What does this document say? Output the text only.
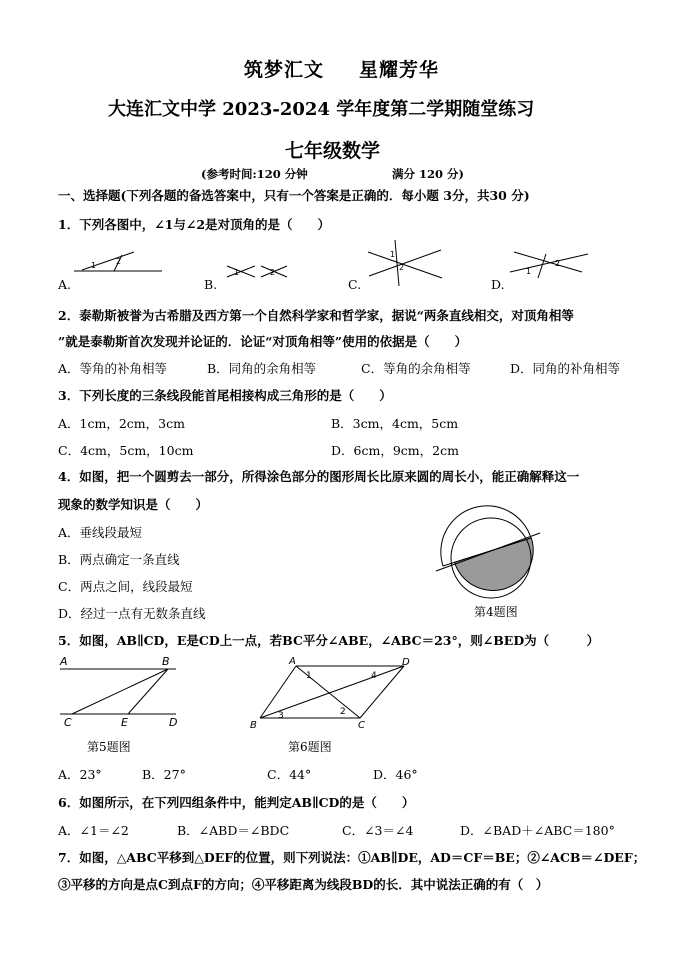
筑梦汇文 星耀芳华
大连汇文中学 2023-2024 学年度第二学期随堂练习
七年级数学
(参考时间:120 分钟	满分 120 分)
一、选择题(下列各题的备选答案中，只有一个答案是正确的．每小题 3分，共30 分)
1．下列各图中，∠1与∠2是对顶角的是（　　）
A.
1 2
B.
1	2
C.
1
2
D.
1
2
2．泰勒斯被誉为古希腊及西方第一个自然科学家和哲学家，据说“两条直线相交，对顶角相等
”就是泰勒斯首次发现并论证的．论证“对顶角相等”使用的依据是（　　）
A．等角的补角相等	B．同角的余角相等	C．等角的余角相等	D．同角的补角相等
3．下列长度的三条线段能首尾相接构成三角形的是（　　）
A．1cm，2cm，3cm	B．3cm，4cm，5cm
C．4cm，5cm，10cm	D．6cm，9cm，2cm
4．如图，把一个圆剪去一部分，所得涂色部分的图形周长比原来圆的周长小，能正确解释这一
现象的数学知识是（　　）
A．垂线段最短
B．两点确定一条直线
C．两点之间，线段最短
D．经过一点有无数条直线	第4题图
5．如图，AB∥CD，E是CD上一点，若BC平分∠ABE，∠ABC＝23°，则∠BED为（　　　）
A	B
C	E	D
第5题图
A	D
B	C
1
2
3
4
第6题图
A．23°	B．27°	C．44°	D．46°
6．如图所示，在下列四组条件中，能判定AB∥CD的是（　　）
A．∠1＝∠2	B．∠ABD＝∠BDC	C．∠3＝∠4	D．∠BAD＋∠ABC＝180°
7．如图，△ABC平移到△DEF的位置，则下列说法：①AB∥DE，AD＝CF＝BE；②∠ACB＝∠DEF；
③平移的方向是点C到点F的方向；④平移距离为线段BD的长．其中说法正确的有（　）
